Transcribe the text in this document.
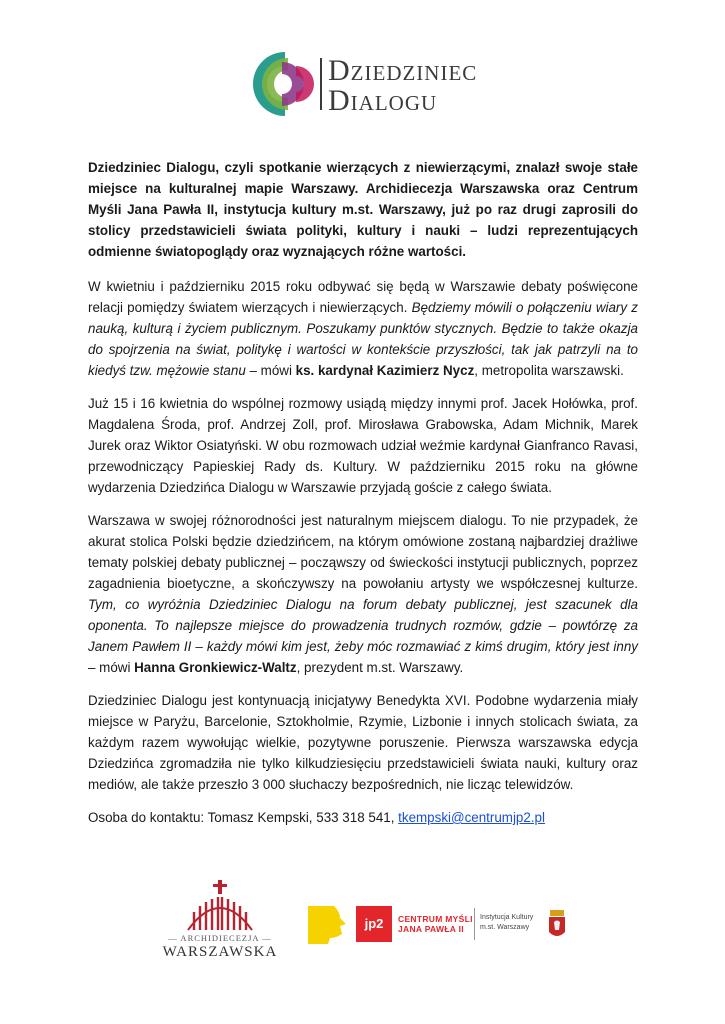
Dziedziniec
Dialogu

Dziedziniec Dialogu, czyli spotkanie wierzących z niewierzącymi, znalazł swoje stałe miejsce na kulturalnej mapie Warszawy. Archidiecezja Warszawska oraz Centrum Myśli Jana Pawła II, instytucja kultury m.st. Warszawy, już po raz drugi zaprosili do stolicy przedstawicieli świata polityki, kultury i nauki – ludzi reprezentujących odmienne światopoglądy oraz wyznających różne wartości.

W kwietniu i październiku 2015 roku odbywać się będą w Warszawie debaty poświęcone relacji pomiędzy światem wierzących i niewierzących. Będziemy mówili o połączeniu wiary z nauką, kulturą i życiem publicznym. Poszukamy punktów stycznych. Będzie to także okazja do spojrzenia na świat, politykę i wartości w kontekście przyszłości, tak jak patrzyli na to kiedyś tzw. mężowie stanu – mówi ks. kardynał Kazimierz Nycz, metropolita warszawski.

Już 15 i 16 kwietnia do wspólnej rozmowy usiądą między innymi prof. Jacek Hołówka, prof. Magdalena Środa, prof. Andrzej Zoll, prof. Mirosława Grabowska, Adam Michnik, Marek Jurek oraz Wiktor Osiatyński. W obu rozmowach udział weźmie kardynał Gianfranco Ravasi, przewodniczący Papieskiej Rady ds. Kultury. W październiku 2015 roku na główne wydarzenia Dziedzińca Dialogu w Warszawie przyjadą goście z całego świata.

Warszawa w swojej różnorodności jest naturalnym miejscem dialogu. To nie przypadek, że akurat stolica Polski będzie dziedzińcem, na którym omówione zostaną najbardziej drażliwe tematy polskiej debaty publicznej – począwszy od świeckości instytucji publicznych, poprzez zagadnienia bioetyczne, a skończywszy na powołaniu artysty we współczesnej kulturze. Tym, co wyróżnia Dziedziniec Dialogu na forum debaty publicznej, jest szacunek dla oponenta. To najlepsze miejsce do prowadzenia trudnych rozmów, gdzie – powtórzę za Janem Pawłem II – każdy mówi kim jest, żeby móc rozmawiać z kimś drugim, który jest inny – mówi Hanna Gronkiewicz-Waltz, prezydent m.st. Warszawy.

Dziedziniec Dialogu jest kontynuacją inicjatywy Benedykta XVI. Podobne wydarzenia miały miejsce w Paryżu, Barcelonie, Sztokholmie, Rzymie, Lizbonie i innych stolicach świata, za każdym razem wywołując wielkie, pozytywne poruszenie. Pierwsza warszawska edycja Dziedzińca zgromadziła nie tylko kilkudziesięciu przedstawicieli świata nauki, kultury oraz mediów, ale także przeszło 3 000 słuchaczy bezpośrednich, nie licząc telewidzów.

Osoba do kontaktu: Tomasz Kempski, 533 318 541, tkempski@centrumjp2.pl

— ARCHIDIECEZJA —
WARSZAWSKA
jp2	CENTRUM MYŚLI
JANA PAWŁA II
Instytucja Kultury
m.st. Warszawy
